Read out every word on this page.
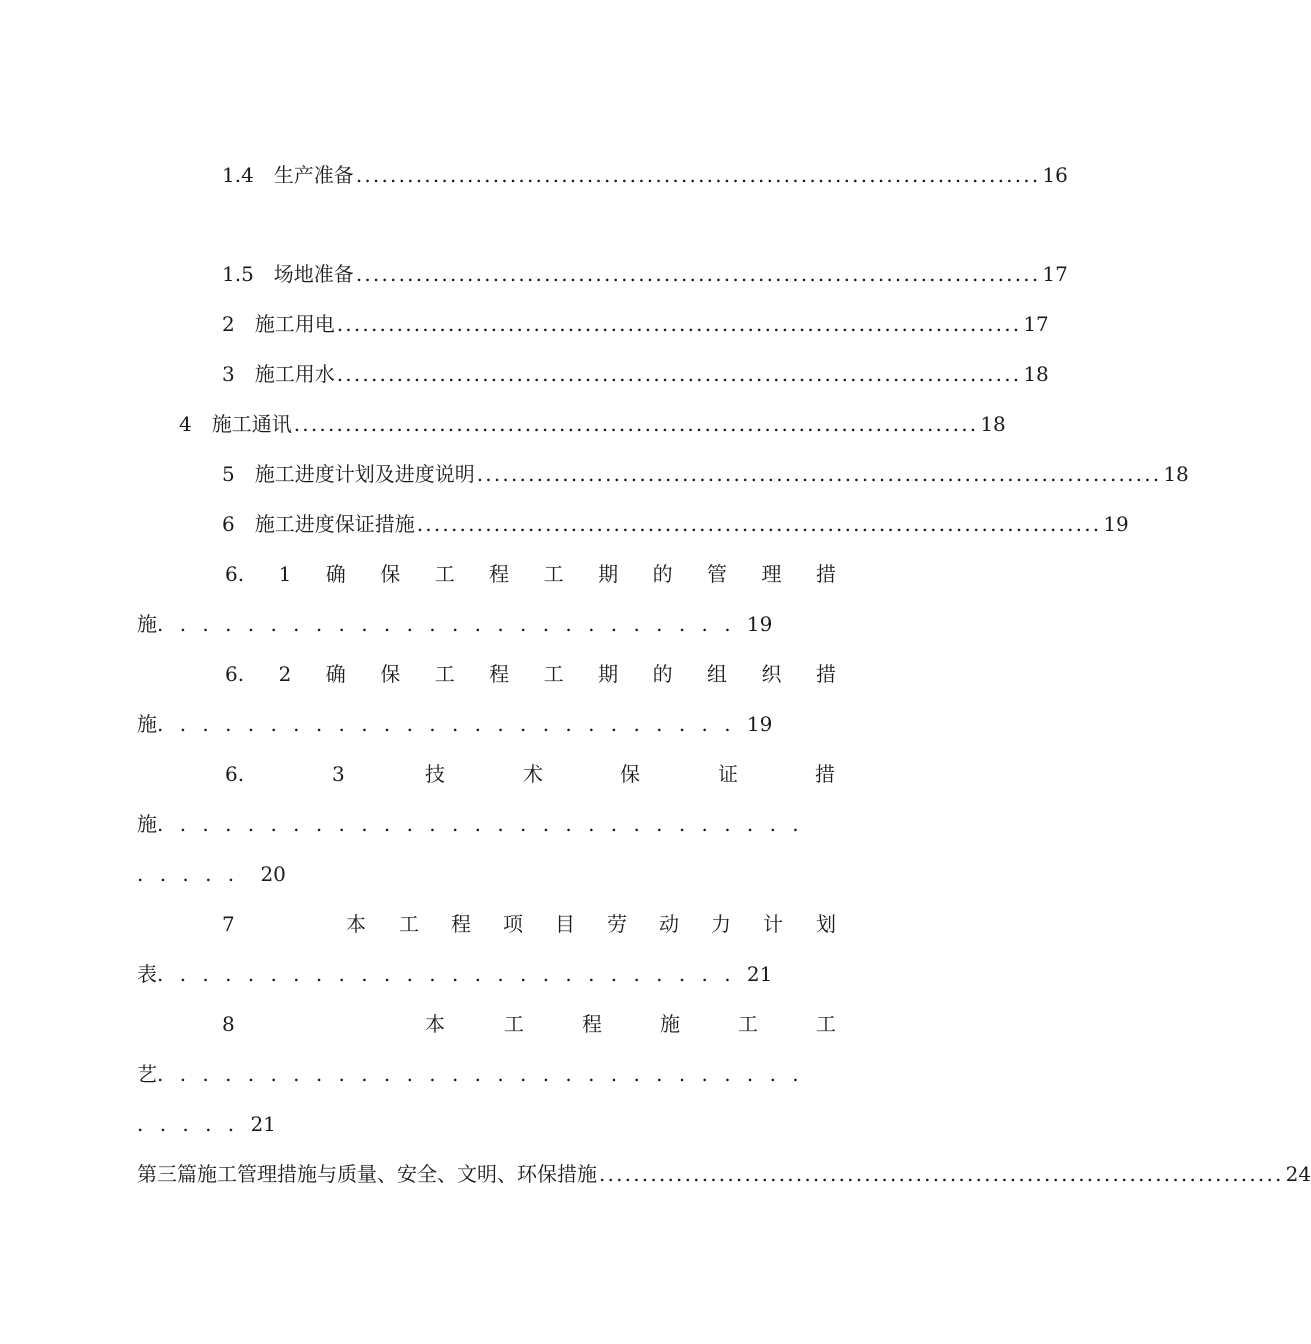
1.4　生产准备 ................................................................................ 16
1.5　场地准备 ................................................................................ 17
2　施工用电 ................................................................................ 17
3　施工用水 ................................................................................ 18
4　施工通讯 ................................................................................ 18
5　施工进度计划及进度说明 ................................................................................ 18
6　施工进度保证措施 ................................................................................ 19
6. 1 确 保 工 程 工 期 的 管 理 措
施. . . . . . . . . . . . . . . . . . . . . . . . . . 19
6. 2 确 保 工 程 工 期 的 组 织 措
施. . . . . . . . . . . . . . . . . . . . . . . . . . 19
6.	3	技	术	保	证	措
施. . . . . . . . . . . . . . . . . . . . . . . . . . . . .
. . . . . 20
7	本 工 程 项 目 劳 动 力 计 划
表. . . . . . . . . . . . . . . . . . . . . . . . . . 21
8	本	工	程	施	工	工
艺. . . . . . . . . . . . . . . . . . . . . . . . . . . . .
. . . . . 21
第三篇施工管理措施与质量、安全、文明、环保措施 ................................................................................ 24
